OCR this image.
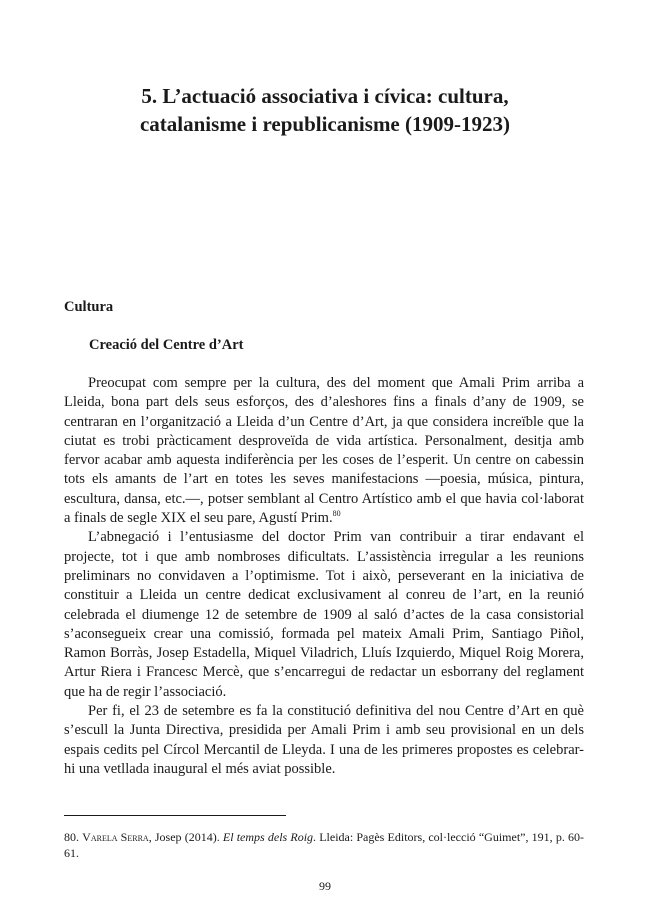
5. L’actuació associativa i cívica: cultura,
catalanisme i republicanisme (1909-1923)
Cultura
Creació del Centre d’Art

Preocupat com sempre per la cultura, des del moment que Amali Prim arriba a Lleida, bona part dels seus esforços, des d’aleshores fins a finals d’any de 1909, se centraran en l’organització a Lleida d’un Centre d’Art, ja que considera increïble que la ciutat es trobi pràcticament desproveïda de vida artística. Personalment, desitja amb fervor acabar amb aquesta indiferència per les coses de l’esperit. Un centre on cabessin tots els amants de l’art en totes les seves manifestacions —poesia, música, pintura, escultura, dansa, etc.—, potser semblant al Centro Artístico amb el que havia col·laborat a finals de segle XIX el seu pare, Agustí Prim.$^{80}$

L’abnegació i l’entusiasme del doctor Prim van contribuir a tirar endavant el projecte, tot i que amb nombroses dificultats. L’assistència irregular a les reunions preliminars no convidaven a l’optimisme. Tot i això, perseverant en la iniciativa de constituir a Lleida un centre dedicat exclusivament al conreu de l’art, en la reunió celebrada el diumenge 12 de setembre de 1909 al saló d’actes de la casa consistorial s’aconsegueix crear una comissió, formada pel mateix Amali Prim, Santiago Piñol, Ramon Borràs, Josep Estadella, Miquel Viladrich, Lluís Izquierdo, Miquel Roig Morera, Artur Riera i Francesc Mercè, que s’encarregui de redactar un esborrany del reglament que ha de regir l’associació.

Per fi, el 23 de setembre es fa la constitució definitiva del nou Centre d’Art en què s’escull la Junta Directiva, presidida per Amali Prim i amb seu provisional en un dels espais cedits pel Círcol Mercantil de Lleyda. I una de les primeres propostes es celebrar-hi una vetllada inaugural el més aviat possible.

80. Varela Serra, Josep (2014). El temps dels Roig. Lleida: Pagès Editors, col·lecció “Guimet”, 191, p. 60-61.

99
